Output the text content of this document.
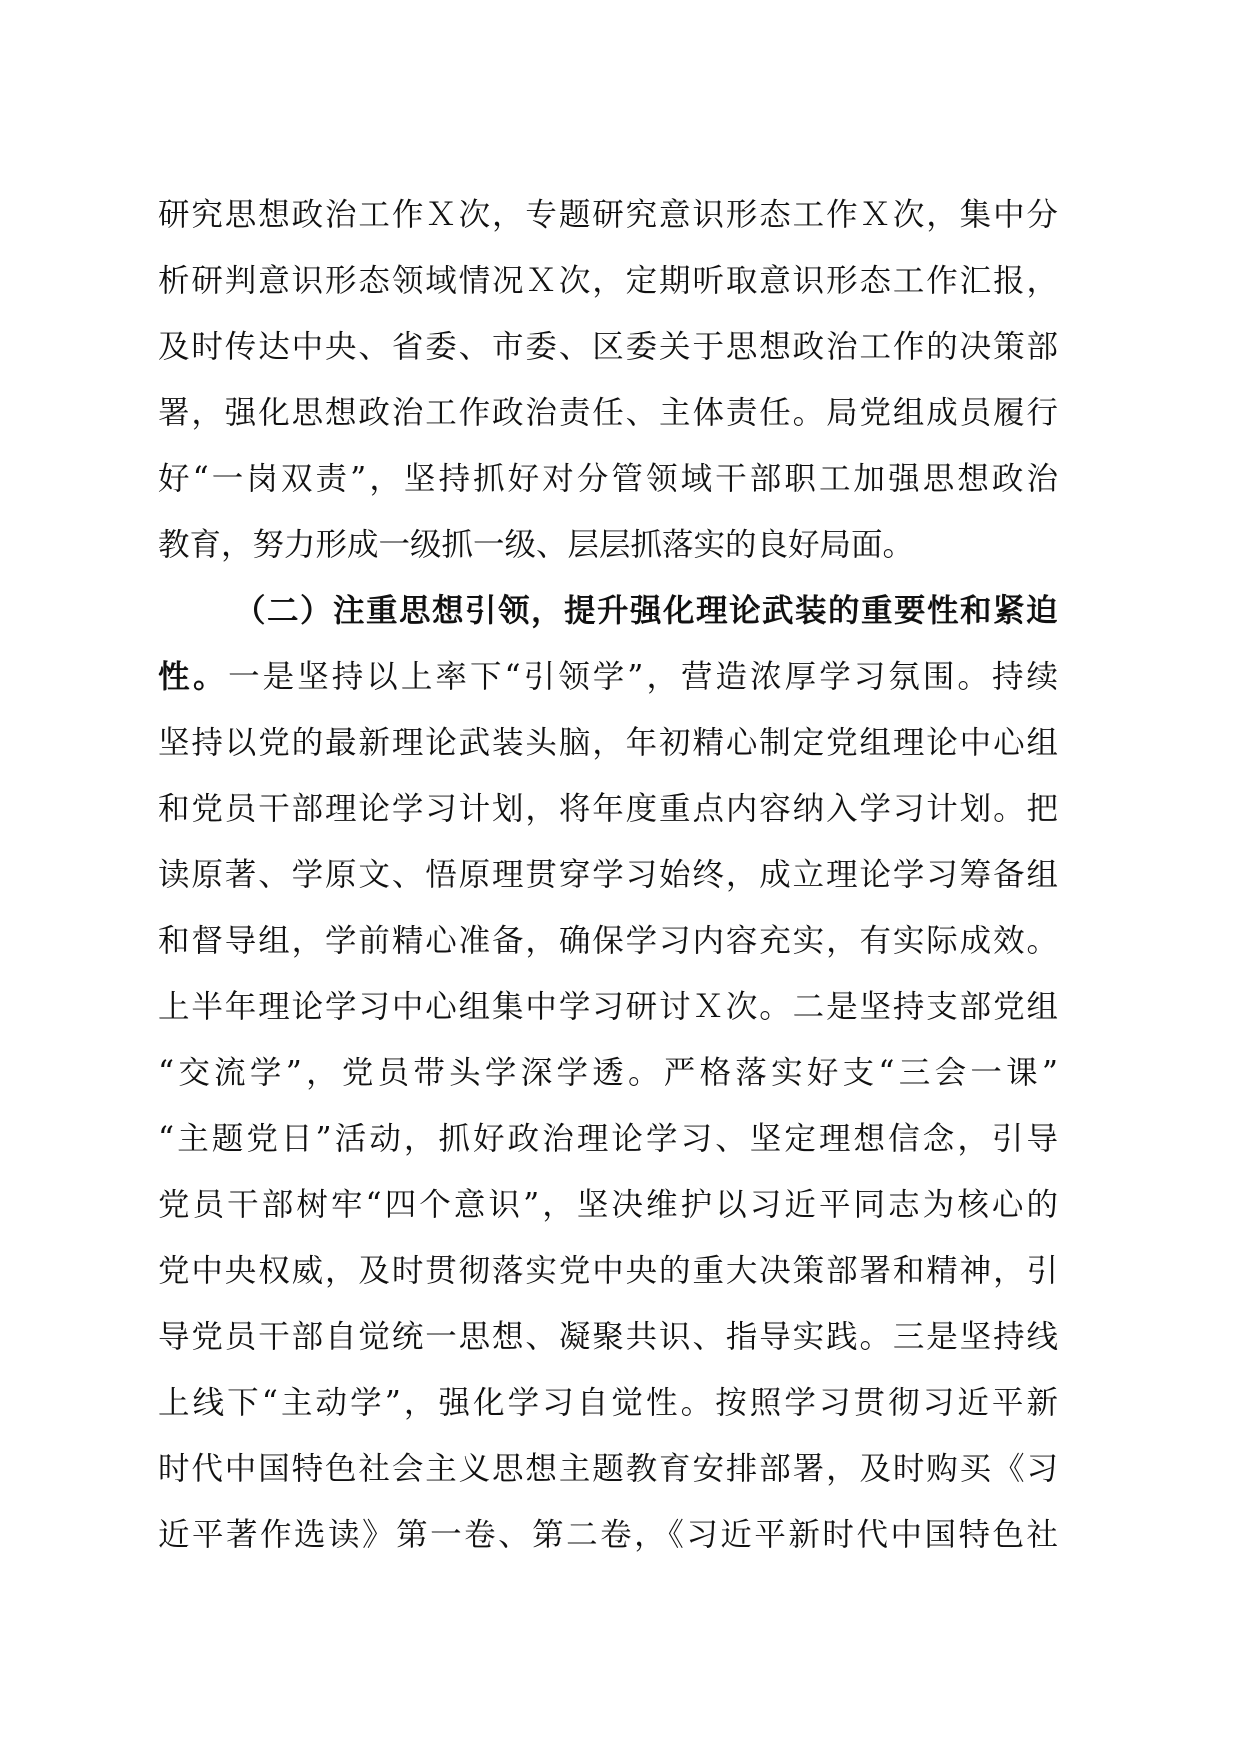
研究思想政治工作Ｘ次，专题研究意识形态工作Ｘ次，集中分
析研判意识形态领域情况Ｘ次，定期听取意识形态工作汇报，
及时传达中央、省委、市委、区委关于思想政治工作的决策部
署，强化思想政治工作政治责任、主体责任。局党组成员履行
好“一岗双责”，坚持抓好对分管领域干部职工加强思想政治
教育，努力形成一级抓一级、层层抓落实的良好局面。
（二）注重思想引领，提升强化理论武装的重要性和紧迫
性。一是坚持以上率下“引领学”，营造浓厚学习氛围。持续
坚持以党的最新理论武装头脑，年初精心制定党组理论中心组
和党员干部理论学习计划，将年度重点内容纳入学习计划。把
读原著、学原文、悟原理贯穿学习始终，成立理论学习筹备组
和督导组，学前精心准备，确保学习内容充实，有实际成效。
上半年理论学习中心组集中学习研讨Ｘ次。二是坚持支部党组
“交流学”，党员带头学深学透。严格落实好支“三会一课”
“主题党日”活动，抓好政治理论学习、坚定理想信念，引导
党员干部树牢“四个意识”，坚决维护以习近平同志为核心的
党中央权威，及时贯彻落实党中央的重大决策部署和精神，引
导党员干部自觉统一思想、凝聚共识、指导实践。三是坚持线
上线下“主动学”，强化学习自觉性。按照学习贯彻习近平新
时代中国特色社会主义思想主题教育安排部署，及时购买《习
近平著作选读》第一卷、第二卷，《习近平新时代中国特色社
